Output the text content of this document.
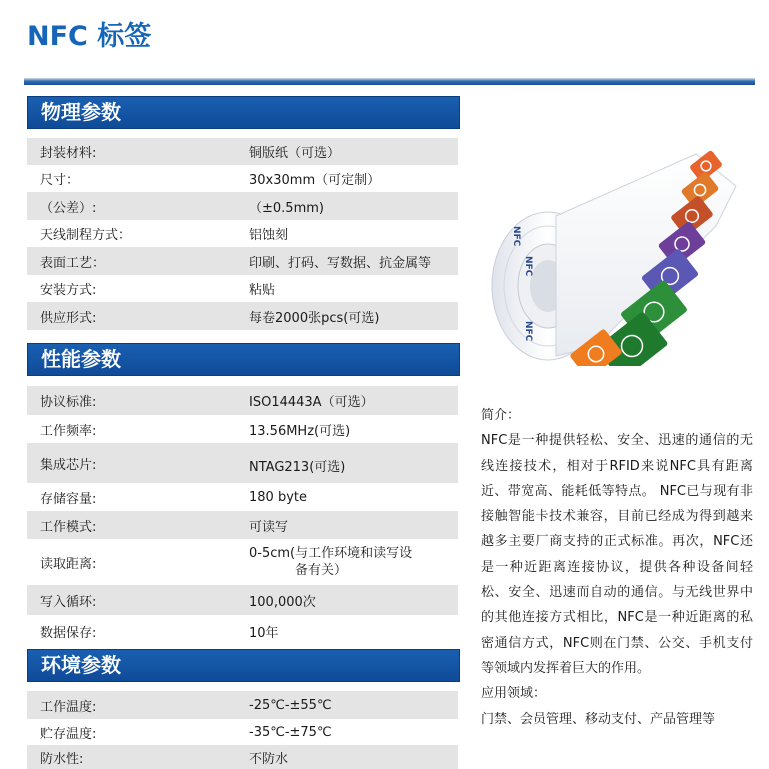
NFC 标签
物理参数
封装材料:	铜版纸（可选）
尺寸：	30x30mm（可定制）
（公差）:	（±0.5mm)
天线制程方式：	铝蚀刻
表面工艺：	印刷、打码、写数据、抗金属等
安装方式:	粘贴
供应形式:	每卷2000张pcs(可选)
性能参数
协议标准:	ISO14443A（可选）
工作频率:	13.56MHz(可选)
集成芯片:	NTAG213(可选)
存储容量:	180 byte
工作模式:	可读写
读取距离:
0-5cm(与工作环境和读写设
备有关）
写入循环:	100,000次
数据保存:	10年
环境参数
工作温度:	-25℃-±55℃
贮存温度:	-35℃-±75℃
防水性:	不防水
NFC
NFC
NFC

简介：

NFC是一种提供轻松、安全、迅速的通信的无线连接技术，相对于RFID来说NFC具有距离近、带宽高、能耗低等特点。 NFC已与现有非接触智能卡技术兼容，目前已经成为得到越来越多主要厂商支持的正式标准。再次，NFC还是一种近距离连接协议，提供各种设备间轻松、安全、迅速而自动的通信。与无线世界中的其他连接方式相比，NFC是一种近距离的私密通信方式，NFC则在门禁、公交、手机支付等领域内发挥着巨大的作用。

应用领域：

门禁、会员管理、移动支付、产品管理等
